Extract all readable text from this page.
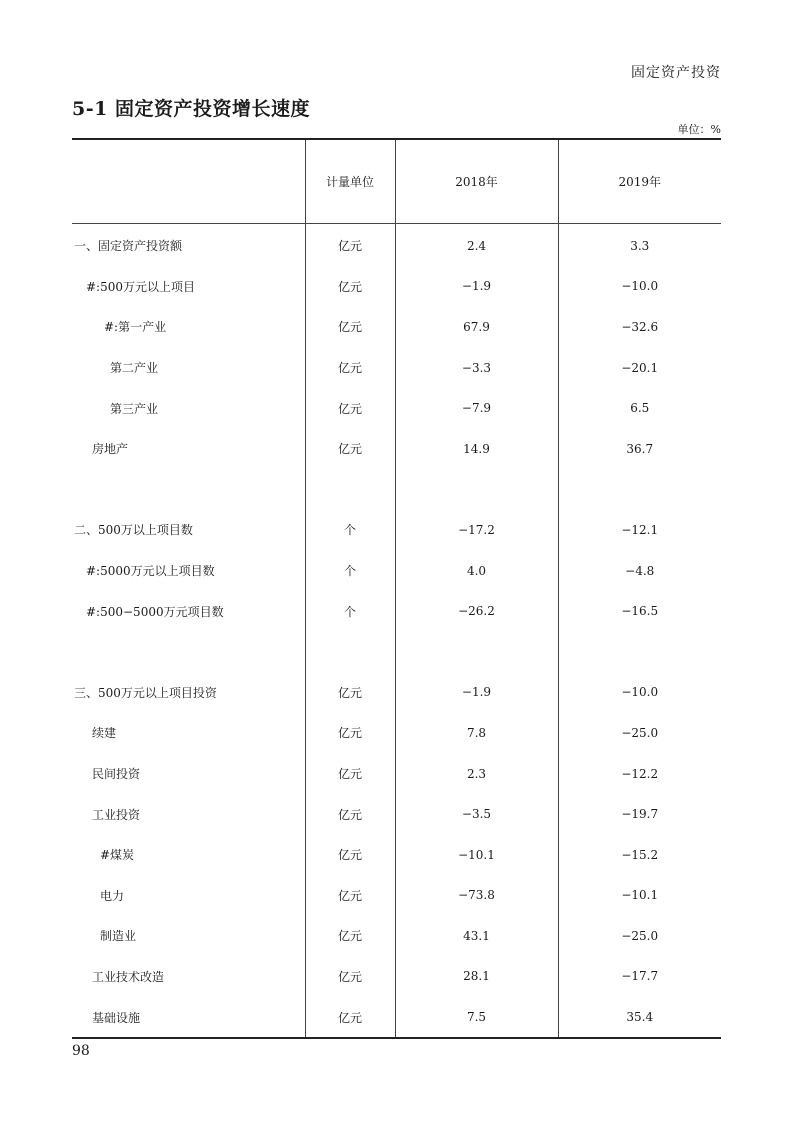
固定资产投资
5-1 固定资产投资增长速度
单位：%
	计量单位	2018年	2019年
一、固定资产投资额	亿元	2.4	3.3
#:500万元以上项目	亿元	−1.9	−10.0
#:第一产业	亿元	67.9	−32.6
第二产业	亿元	−3.3	−20.1
第三产业	亿元	−7.9	6.5
房地产	亿元	14.9	36.7

二、500万以上项目数	个	−17.2	−12.1
#:5000万元以上项目数	个	4.0	−4.8
#:500−5000万元项目数	个	−26.2	−16.5

三、500万元以上项目投资	亿元	−1.9	−10.0
续建	亿元	7.8	−25.0
民间投资	亿元	2.3	−12.2
工业投资	亿元	−3.5	−19.7
#煤炭	亿元	−10.1	−15.2
电力	亿元	−73.8	−10.1
制造业	亿元	43.1	−25.0
工业技术改造	亿元	28.1	−17.7
基础设施	亿元	7.5	35.4
98
